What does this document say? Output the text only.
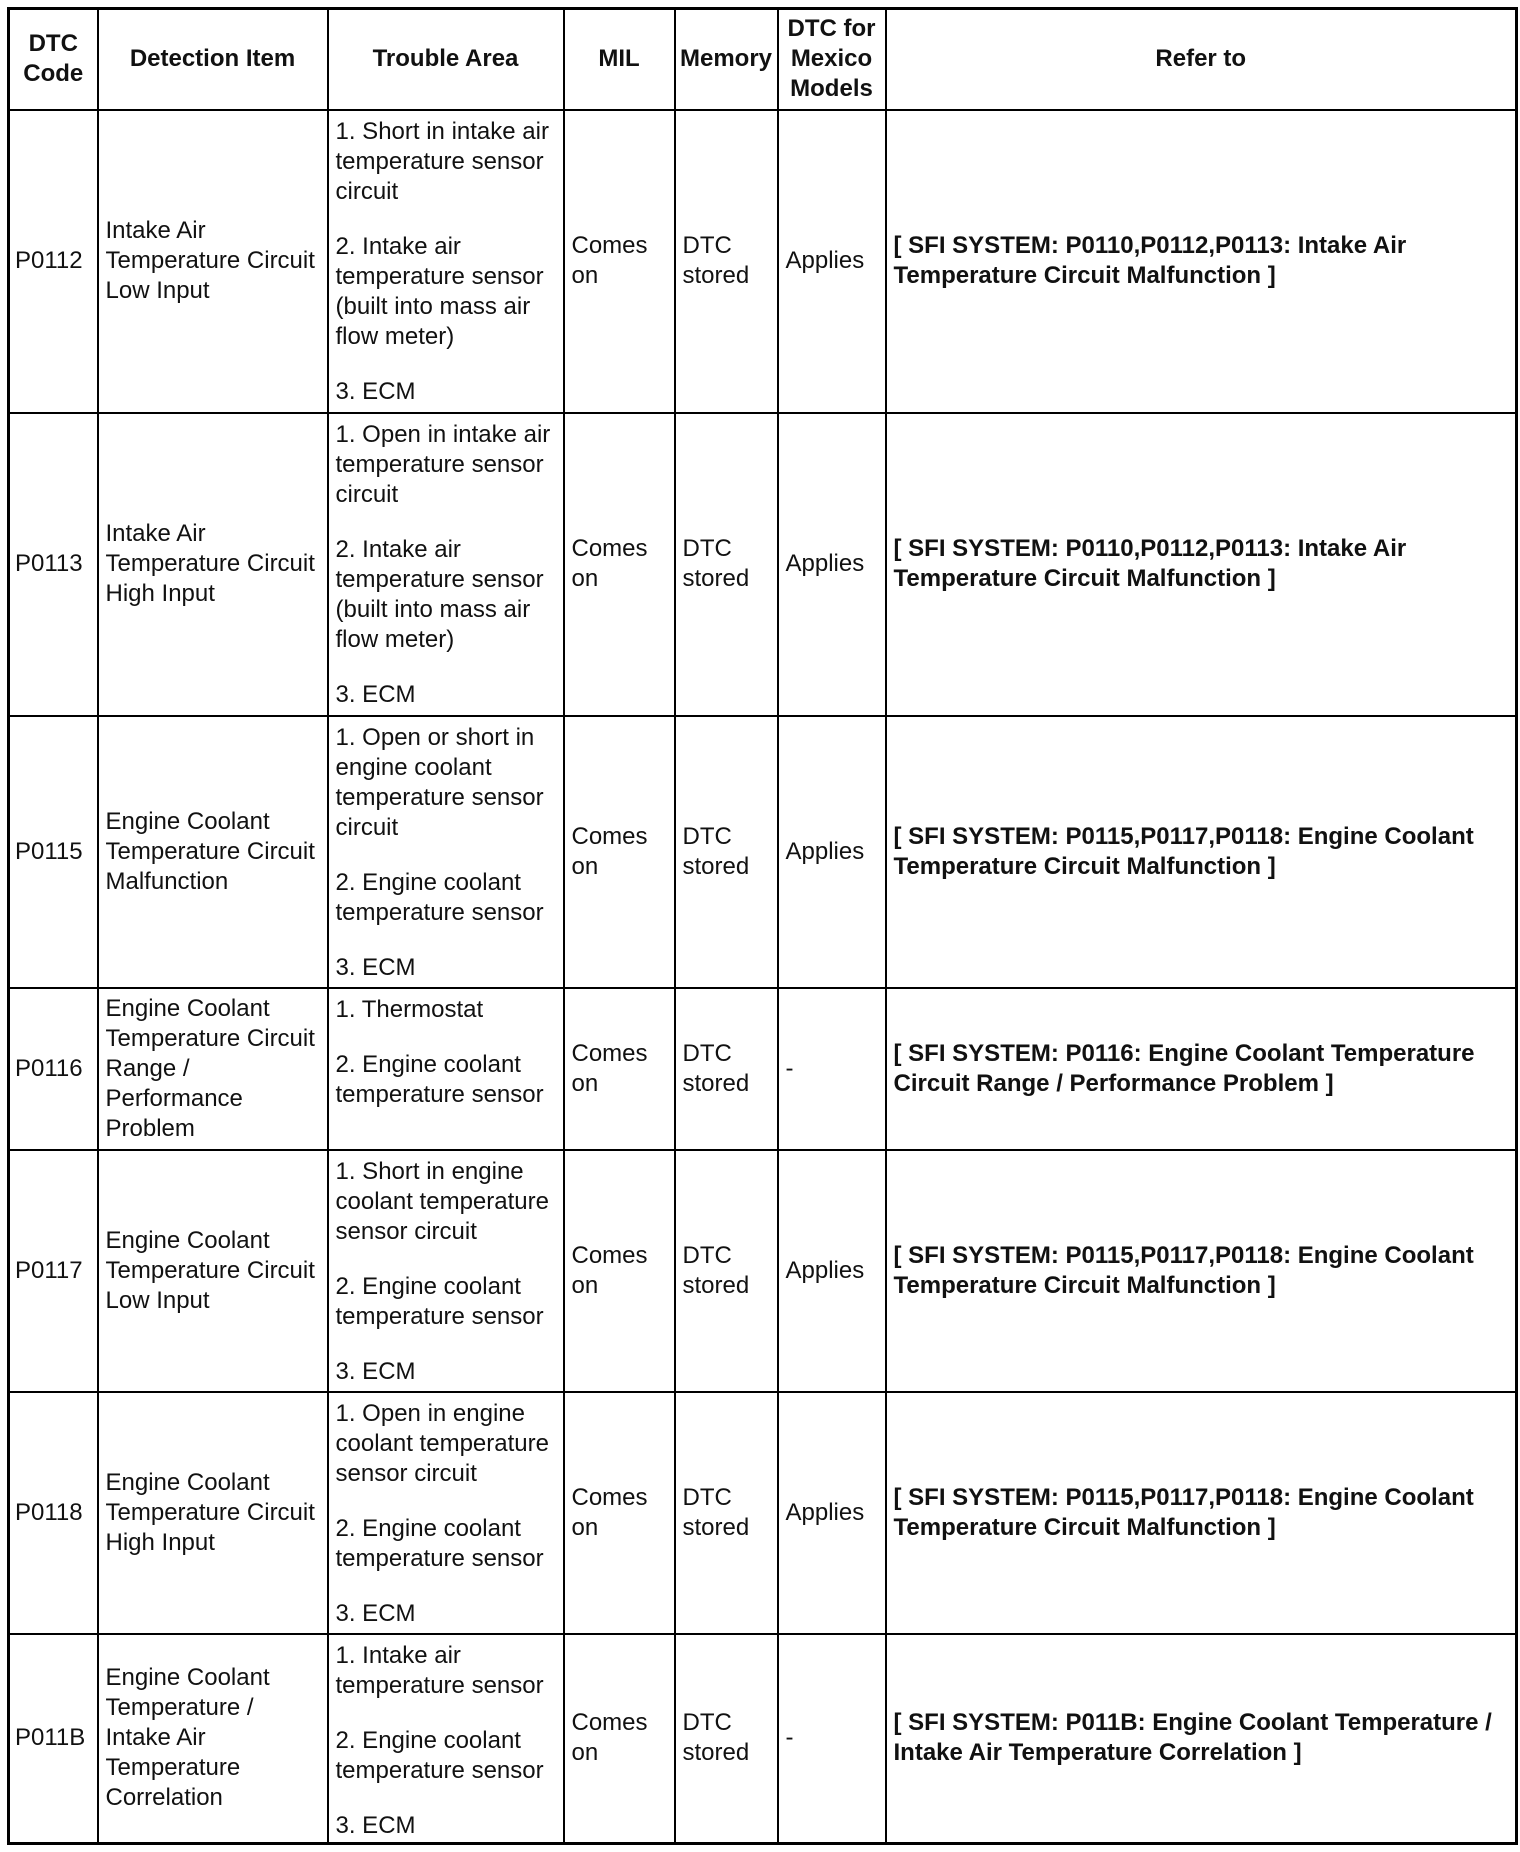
DTC Code	Detection Item	Trouble Area	MIL	Memory	DTC for Mexico Models	Refer to
P0112	Intake Air Temperature Circuit Low Input	1. Short in intake air temperature sensor circuit

2. Intake air temperature sensor (built into mass air flow meter)

3. ECM	Comes on	DTC stored	Applies	[ SFI SYSTEM: P0110,P0112,P0113: Intake Air Temperature Circuit Malfunction ]
P0113	Intake Air Temperature Circuit High Input	1. Open in intake air temperature sensor circuit

2. Intake air temperature sensor (built into mass air flow meter)

3. ECM	Comes on	DTC stored	Applies	[ SFI SYSTEM: P0110,P0112,P0113: Intake Air Temperature Circuit Malfunction ]
P0115	Engine Coolant Temperature Circuit Malfunction	1. Open or short in engine coolant temperature sensor circuit

2. Engine coolant temperature sensor

3. ECM	Comes on	DTC stored	Applies	[ SFI SYSTEM: P0115,P0117,P0118: Engine Coolant Temperature Circuit Malfunction ]
P0116	Engine Coolant Temperature Circuit Range / Performance Problem	1. Thermostat

2. Engine coolant temperature sensor	Comes on	DTC stored	-	[ SFI SYSTEM: P0116: Engine Coolant Temperature Circuit Range / Performance Problem ]
P0117	Engine Coolant Temperature Circuit Low Input	1. Short in engine coolant temperature sensor circuit

2. Engine coolant temperature sensor

3. ECM	Comes on	DTC stored	Applies	[ SFI SYSTEM: P0115,P0117,P0118: Engine Coolant Temperature Circuit Malfunction ]
P0118	Engine Coolant Temperature Circuit High Input	1. Open in engine coolant temperature sensor circuit

2. Engine coolant temperature sensor

3. ECM	Comes on	DTC stored	Applies	[ SFI SYSTEM: P0115,P0117,P0118: Engine Coolant Temperature Circuit Malfunction ]
P011B	Engine Coolant Temperature / Intake Air Temperature Correlation	1. Intake air temperature sensor

2. Engine coolant temperature sensor

3. ECM	Comes on	DTC stored	-	[ SFI SYSTEM: P011B: Engine Coolant Temperature / Intake Air Temperature Correlation ]
